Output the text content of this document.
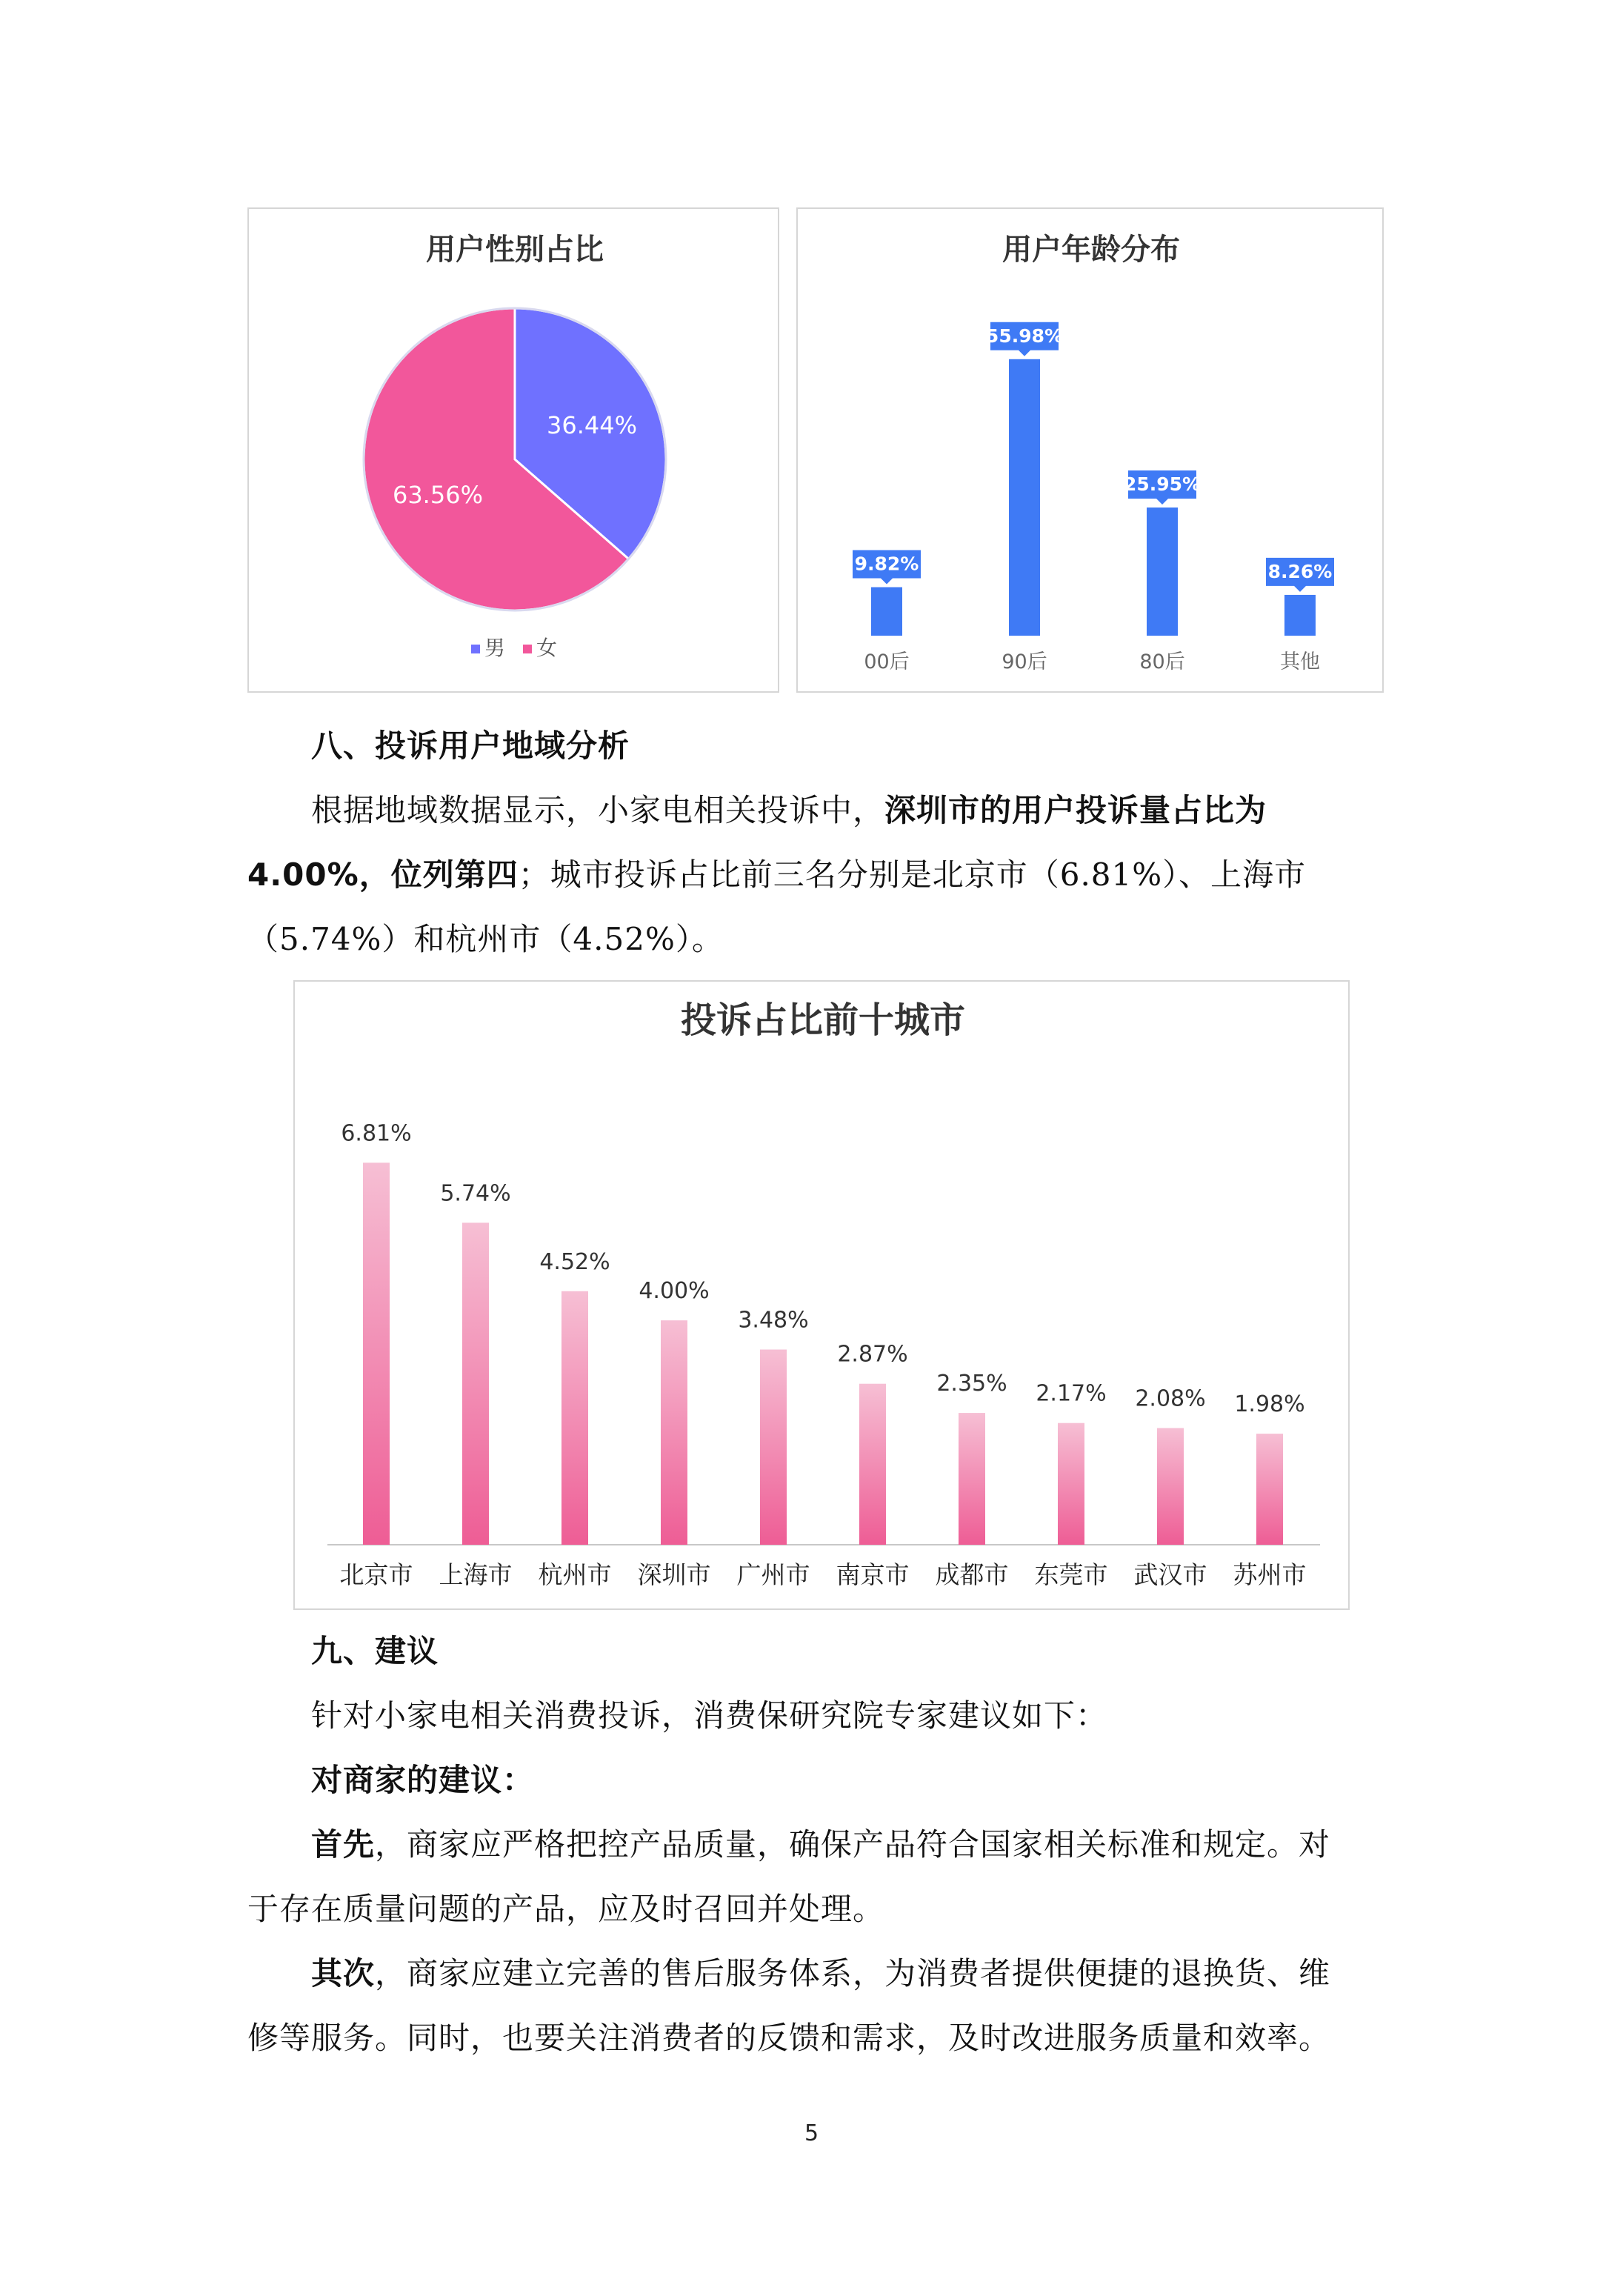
用户性别占比
36.44%
63.56%
男 女
用户年龄分布
9.82%
00后
55.98%
90后
25.95%
80后
8.26%
其他
八、投诉用户地域分析
根据地域数据显示，小家电相关投诉中，深圳市的用户投诉量占比为
4.00%，位列第四；城市投诉占比前三名分别是北京市（6.81%）、上海市
（5.74%）和杭州市（4.52%）。
投诉占比前十城市
6.81%
北京市
5.74%
上海市
4.52%
杭州市
4.00%
深圳市
3.48%
广州市
2.87%
南京市
2.35%
成都市
2.17%
东莞市
2.08%
武汉市
1.98%
苏州市
九、建议
针对小家电相关消费投诉，消费保研究院专家建议如下：
对商家的建议：
首先，商家应严格把控产品质量，确保产品符合国家相关标准和规定。对
于存在质量问题的产品，应及时召回并处理。
其次，商家应建立完善的售后服务体系，为消费者提供便捷的退换货、维
修等服务。同时，也要关注消费者的反馈和需求，及时改进服务质量和效率。
5
